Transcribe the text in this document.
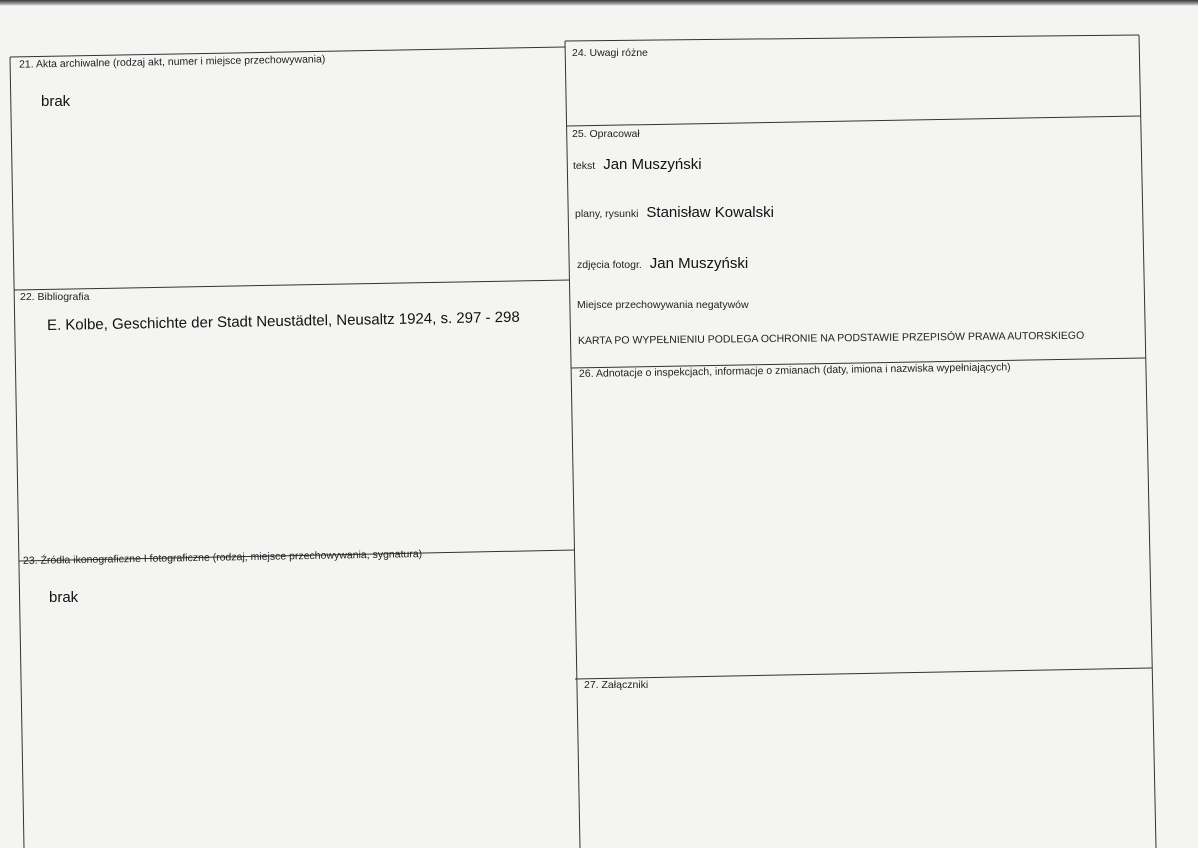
21. Akta archiwalne (rodzaj akt, numer i miejsce przechowywania)
brak
22. Bibliografia
E. Kolbe, Geschichte der Stadt Neustädtel, Neusaltz 1924, s. 297 - 298
23. Źródła ikonograficzne I fotograficzne (rodzaj, miejsce przechowywania, sygnatura)
brak
24. Uwagi różne
25. Opracował
tekst Jan Muszyński
plany, rysunki Stanisław Kowalski
zdjęcia fotogr. Jan Muszyński
Miejsce przechowywania negatywów
KARTA PO WYPEŁNIENIU PODLEGA OCHRONIE NA PODSTAWIE PRZEPISÓW PRAWA AUTORSKIEGO
26. Adnotacje o inspekcjach, informacje o zmianach (daty, imiona i nazwiska wypełniających)
27. Załączniki
